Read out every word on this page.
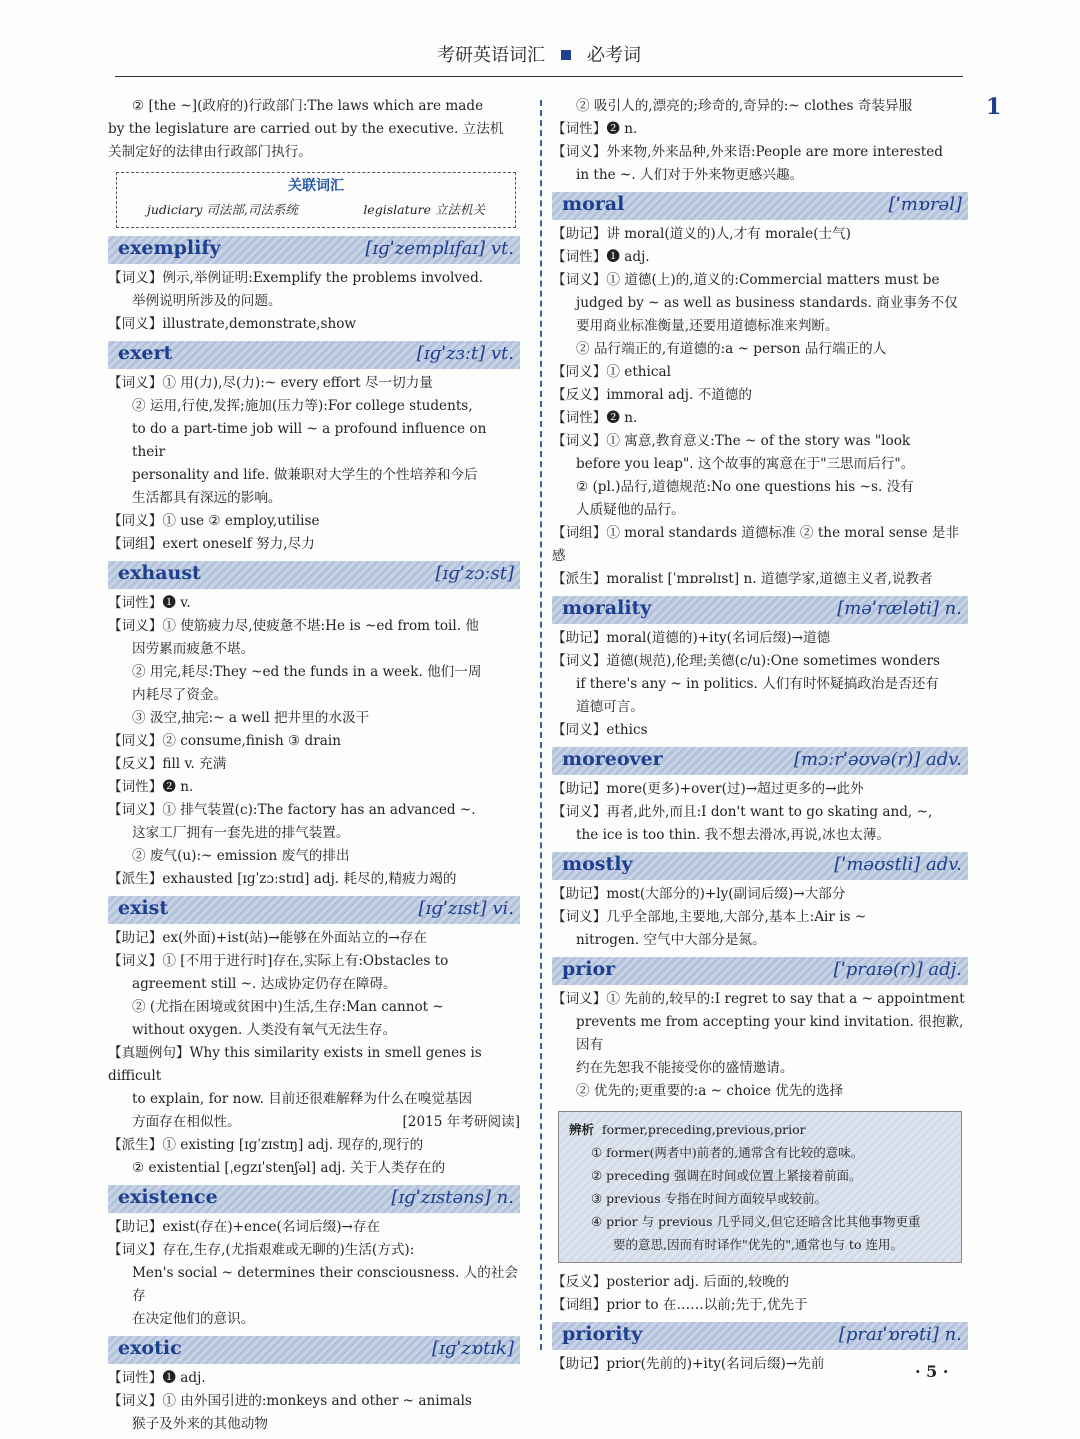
考研英语词汇 必考词
1

② [the ~](政府的)行政部门:The laws which are made

by the legislature are carried out by the executive. 立法机

关制定好的法律由行政部门执行。

关联词汇
judiciary 司法部,司法系统	legislature 立法机关
exemplify	[ɪɡˈzemplɪfaɪ] vt.

【词义】例示,举例证明:Exemplify the problems involved.

举例说明所涉及的问题。

【同义】illustrate,demonstrate,show

exert	[ɪɡˈzɜːt] vt.

【词义】① 用(力),尽(力):~ every effort 尽一切力量

② 运用,行使,发挥;施加(压力等):For college students,

to do a part-time job will ~ a profound influence on their

personality and life. 做兼职对大学生的个性培养和今后

生活都具有深远的影响。

【同义】① use ② employ,utilise

【词组】exert oneself 努力,尽力

exhaust	[ɪɡˈzɔːst]

【词性】❶ v.

【词义】① 使筋疲力尽,使疲惫不堪:He is ~ed from toil. 他

因劳累而疲惫不堪。

② 用完,耗尽:They ~ed the funds in a week. 他们一周

内耗尽了资金。

③ 汲空,抽完:~ a well 把井里的水汲干

【同义】② consume,finish ③ drain

【反义】fill v. 充满

【词性】❷ n.

【词义】① 排气装置(c):The factory has an advanced ~.

这家工厂拥有一套先进的排气装置。

② 废气(u):~ emission 废气的排出

【派生】exhausted [ɪɡˈzɔːstɪd] adj. 耗尽的,精疲力竭的

exist	[ɪɡˈzɪst] vi.

【助记】ex(外面)+ist(站)→能够在外面站立的→存在

【词义】① [不用于进行时]存在,实际上有:Obstacles to

agreement still ~. 达成协定仍存在障碍。

② (尤指在困境或贫困中)生活,生存:Man cannot ~

without oxygen. 人类没有氧气无法生存。

【真题例句】Why this similarity exists in smell genes is difficult

to explain, for now. 目前还很难解释为什么在嗅觉基因

方面存在相似性。	[2015 年考研阅读]

【派生】① existing [ɪɡˈzɪstɪŋ] adj. 现存的,现行的

② existential [ˌeɡzɪˈstenʃəl] adj. 关于人类存在的

existence	[ɪɡˈzɪstəns] n.

【助记】exist(存在)+ence(名词后缀)→存在

【词义】存在,生存,(尤指艰难或无聊的)生活(方式):

Men's social ~ determines their consciousness. 人的社会存

在决定他们的意识。

exotic	[ɪɡˈzɒtɪk]

【词性】❶ adj.

【词义】① 由外国引进的:monkeys and other ~ animals

猴子及外来的其他动物

② 吸引人的,漂亮的;珍奇的,奇异的:~ clothes 奇装异服

【词性】❷ n.

【词义】外来物,外来品种,外来语:People are more interested

in the ~. 人们对于外来物更感兴趣。

moral	[ˈmɒrəl]

【助记】讲 moral(道义的)人,才有 morale(士气)

【词性】❶ adj.

【词义】① 道德(上)的,道义的:Commercial matters must be

judged by ~ as well as business standards. 商业事务不仅

要用商业标准衡量,还要用道德标准来判断。

② 品行端正的,有道德的:a ~ person 品行端正的人

【同义】① ethical

【反义】immoral adj. 不道德的

【词性】❷ n.

【词义】① 寓意,教育意义:The ~ of the story was "look

before you leap". 这个故事的寓意在于"三思而后行"。

② (pl.)品行,道德规范:No one questions his ~s. 没有

人质疑他的品行。

【词组】① moral standards 道德标准 ② the moral sense 是非感

【派生】moralist [ˈmɒrəlɪst] n. 道德学家,道德主义者,说教者

morality	[məˈræləti] n.

【助记】moral(道德的)+ity(名词后缀)→道德

【词义】道德(规范),伦理;美德(c/u):One sometimes wonders

if there's any ~ in politics. 人们有时怀疑搞政治是否还有

道德可言。

【同义】ethics

moreover	[mɔːrˈəʊvə(r)] adv.

【助记】more(更多)+over(过)→超过更多的→此外

【词义】再者,此外,而且:I don't want to go skating and, ~,

the ice is too thin. 我不想去滑冰,再说,冰也太薄。

mostly	[ˈməʊstli] adv.

【助记】most(大部分的)+ly(副词后缀)→大部分

【词义】几乎全部地,主要地,大部分,基本上:Air is ~

nitrogen. 空气中大部分是氮。

prior	[ˈpraɪə(r)] adj.

【词义】① 先前的,较早的:I regret to say that a ~ appointment

prevents me from accepting your kind invitation. 很抱歉,因有

约在先恕我不能接受你的盛情邀请。

② 优先的;更重要的:a ~ choice 优先的选择

辨析 former,preceding,previous,prior
① former(两者中)前者的,通常含有比较的意味。
② preceding 强调在时间或位置上紧接着前面。
③ previous 专指在时间方面较早或较前。
④ prior 与 previous 几乎同义,但它还暗含比其他事物更重
要的意思,因而有时译作"优先的",通常也与 to 连用。

【反义】posterior adj. 后面的,较晚的

【词组】prior to 在……以前;先于,优先于

priority	[praɪˈɒrəti] n.

【助记】prior(先前的)+ity(名词后缀)→先前	· 5 ·
